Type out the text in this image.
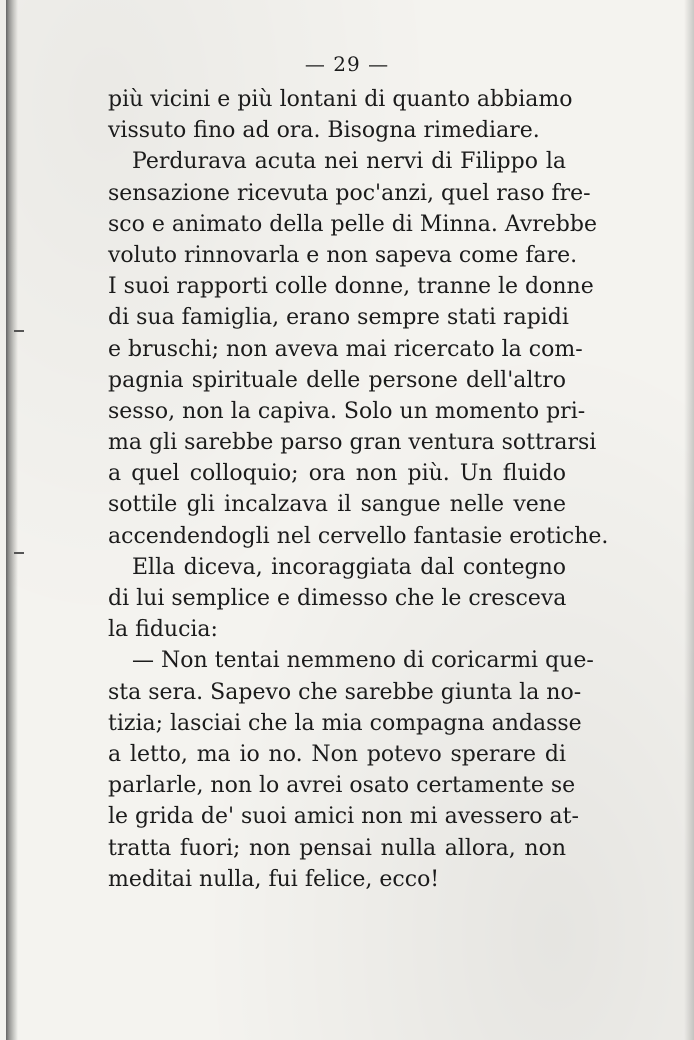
— 29 —
più vicini e più lontani di quanto abbiamo
vissuto fino ad ora. Bisogna rimediare.
Perdurava acuta nei nervi di Filippo la
sensazione ricevuta poc'anzi, quel raso fre-
sco e animato della pelle di Minna. Avrebbe
voluto rinnovarla e non sapeva come fare.
I suoi rapporti colle donne, tranne le donne
di sua famiglia, erano sempre stati rapidi
e bruschi; non aveva mai ricercato la com-
pagnia spirituale delle persone dell'altro
sesso, non la capiva. Solo un momento pri-
ma gli sarebbe parso gran ventura sottrarsi
a quel colloquio; ora non più. Un fluido
sottile gli incalzava il sangue nelle vene
accendendogli nel cervello fantasie erotiche.
Ella diceva, incoraggiata dal contegno
di lui semplice e dimesso che le cresceva
la fiducia:
— Non tentai nemmeno di coricarmi que-
sta sera. Sapevo che sarebbe giunta la no-
tizia; lasciai che la mia compagna andasse
a letto, ma io no. Non potevo sperare di
parlarle, non lo avrei osato certamente se
le grida de' suoi amici non mi avessero at-
tratta fuori; non pensai nulla allora, non
meditai nulla, fui felice, ecco!
